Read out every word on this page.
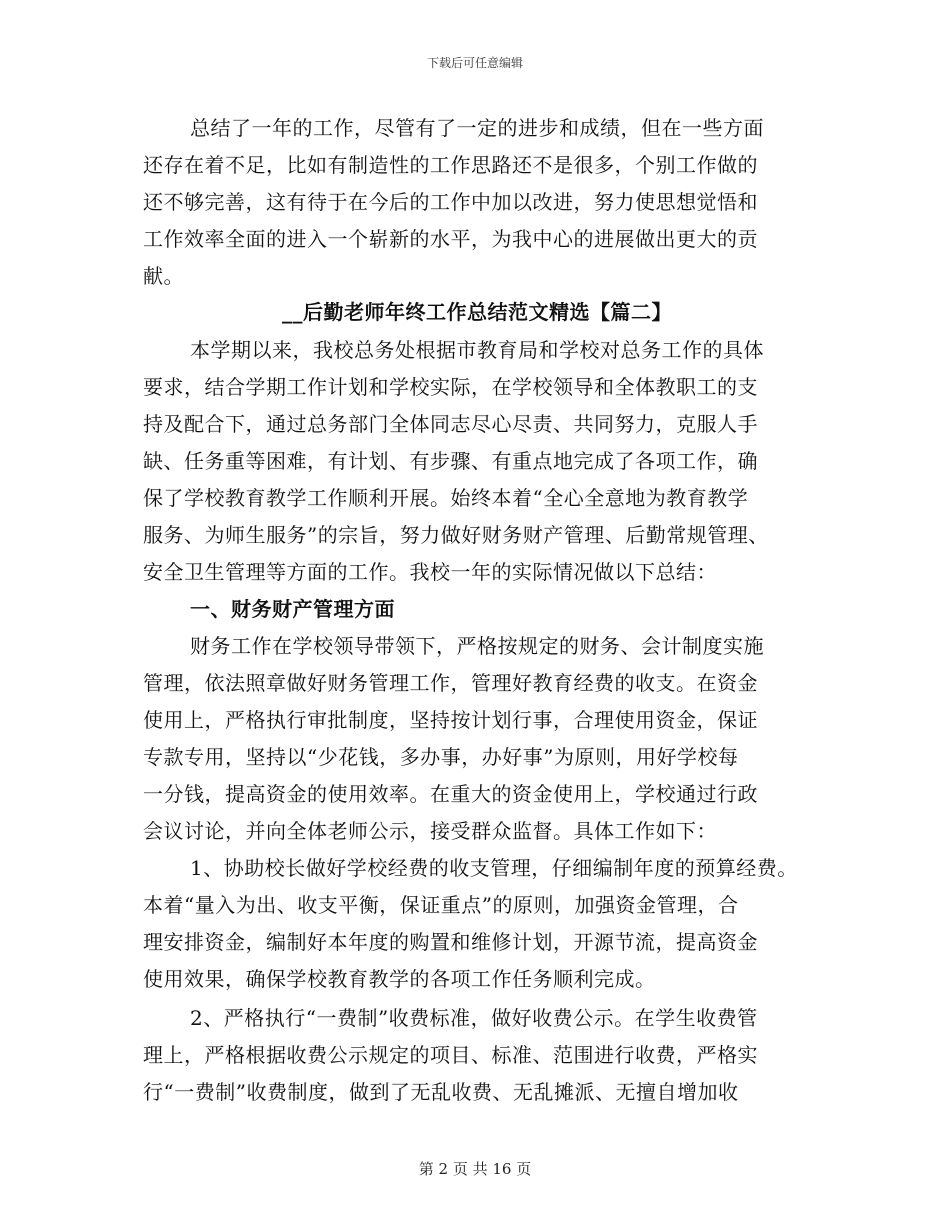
下载后可任意编辑
总结了一年的工作，尽管有了一定的进步和成绩，但在一些方面
还存在着不足，比如有制造性的工作思路还不是很多，个别工作做的
还不够完善，这有待于在今后的工作中加以改进，努力使思想觉悟和
工作效率全面的进入一个崭新的水平，为我中心的进展做出更大的贡
献。
__后勤老师年终工作总结范文精选【篇二】
本学期以来，我校总务处根据市教育局和学校对总务工作的具体
要求，结合学期工作计划和学校实际，在学校领导和全体教职工的支
持及配合下，通过总务部门全体同志尽心尽责、共同努力，克服人手
缺、任务重等困难，有计划、有步骤、有重点地完成了各项工作，确
保了学校教育教学工作顺利开展。始终本着“全心全意地为教育教学
服务、为师生服务”的宗旨，努力做好财务财产管理、后勤常规管理、
安全卫生管理等方面的工作。我校一年的实际情况做以下总结：
一、财务财产管理方面
财务工作在学校领导带领下，严格按规定的财务、会计制度实施
管理，依法照章做好财务管理工作，管理好教育经费的收支。在资金
使用上，严格执行审批制度，坚持按计划行事，合理使用资金，保证
专款专用，坚持以“少花钱，多办事，办好事”为原则，用好学校每
一分钱，提高资金的使用效率。在重大的资金使用上，学校通过行政
会议讨论，并向全体老师公示，接受群众监督。具体工作如下：
1、协助校长做好学校经费的收支管理，仔细编制年度的预算经费。
本着“量入为出、收支平衡，保证重点”的原则，加强资金管理，合
理安排资金，编制好本年度的购置和维修计划，开源节流，提高资金
使用效果，确保学校教育教学的各项工作任务顺利完成。
2、严格执行“一费制”收费标准，做好收费公示。在学生收费管
理上，严格根据收费公示规定的项目、标准、范围进行收费，严格实
行“一费制”收费制度，做到了无乱收费、无乱摊派、无擅自增加收
第 2 页 共 16 页
